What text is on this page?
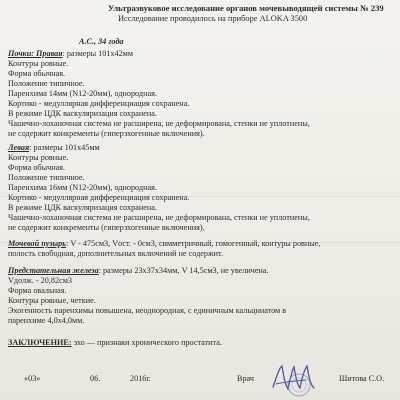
Ультразвуковое исследование органов мочевыводящей системы № 239
Исследование проводилось на приборе ALOKA 3500
А.С., 34 года
Почки: Правая: размеры 101х42мм
Контуры ровные.
Форма обычная.
Положение типичное.
Паренхима 14мм (N12-20мм), однородная.
Кортико - медуллярная дифференциация сохранена.
В режиме ЦДК васкуляризация сохранена.
Чашечно-лоханочная система не расширена, не деформирована, стенки не уплотнены,
не содержит конкременты (гиперэхогенные включения).
Левая: размеры 101х45мм
Контуры ровные.
Форма обычная.
Положение типичное.
Паренхима 16мм (N12-20мм), однородная.
Кортико - медуллярная дифференциация сохранена.
В режиме ЦДК васкуляризация сохранена.
Чашечно-лоханочная система не расширена, не деформирована, стенки не уплотнены,
не содержит конкременты (гиперэхогенные включения).
Мочевой пузырь: V - 475см3, Vост. - 0см3, симметричный, гомогенный, контуры ровные,
полость свободная, дополнительных включений не содержит.
Предстательная железа: размеры 23х37х34мм, V 14,5см3, не увеличена.
Vдолж. - 20,82см3
Форма овальная.
Контуры ровные, четкие.
Эхогенность паренхимы повышена, неоднородная, с единичным кальцинатом в
паренхиме 4,0х4,0мм.
ЗАКЛЮЧЕНИЕ: эхо — признаки хронического простатита.
«03»	06.	2016г.	Врач	Шитова С.О.
